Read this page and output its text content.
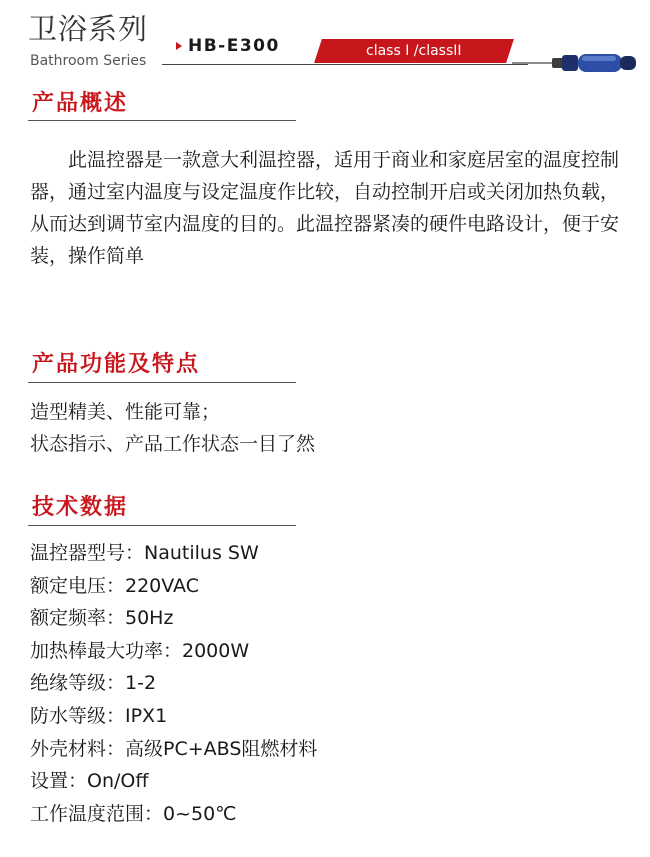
卫浴系列
Bathroom Series
HB-E300	class I /classII
产品概述

此温控器是一款意大利温控器，适用于商业和家庭居室的温度控制器，通过室内温度与设定温度作比较，自动控制开启或关闭加热负载，从而达到调节室内温度的目的。此温控器紧凑的硬件电路设计，便于安装，操作简单

产品功能及特点
造型精美、性能可靠；
状态指示、产品工作状态一目了然
技术数据
温控器型号：Nautilus SW
额定电压：220VAC
额定频率：50Hz
加热棒最大功率：2000W
绝缘等级：1-2
防水等级：IPX1
外壳材料：高级PC+ABS阻燃材料
设置：On/Off
工作温度范围：0~50℃
